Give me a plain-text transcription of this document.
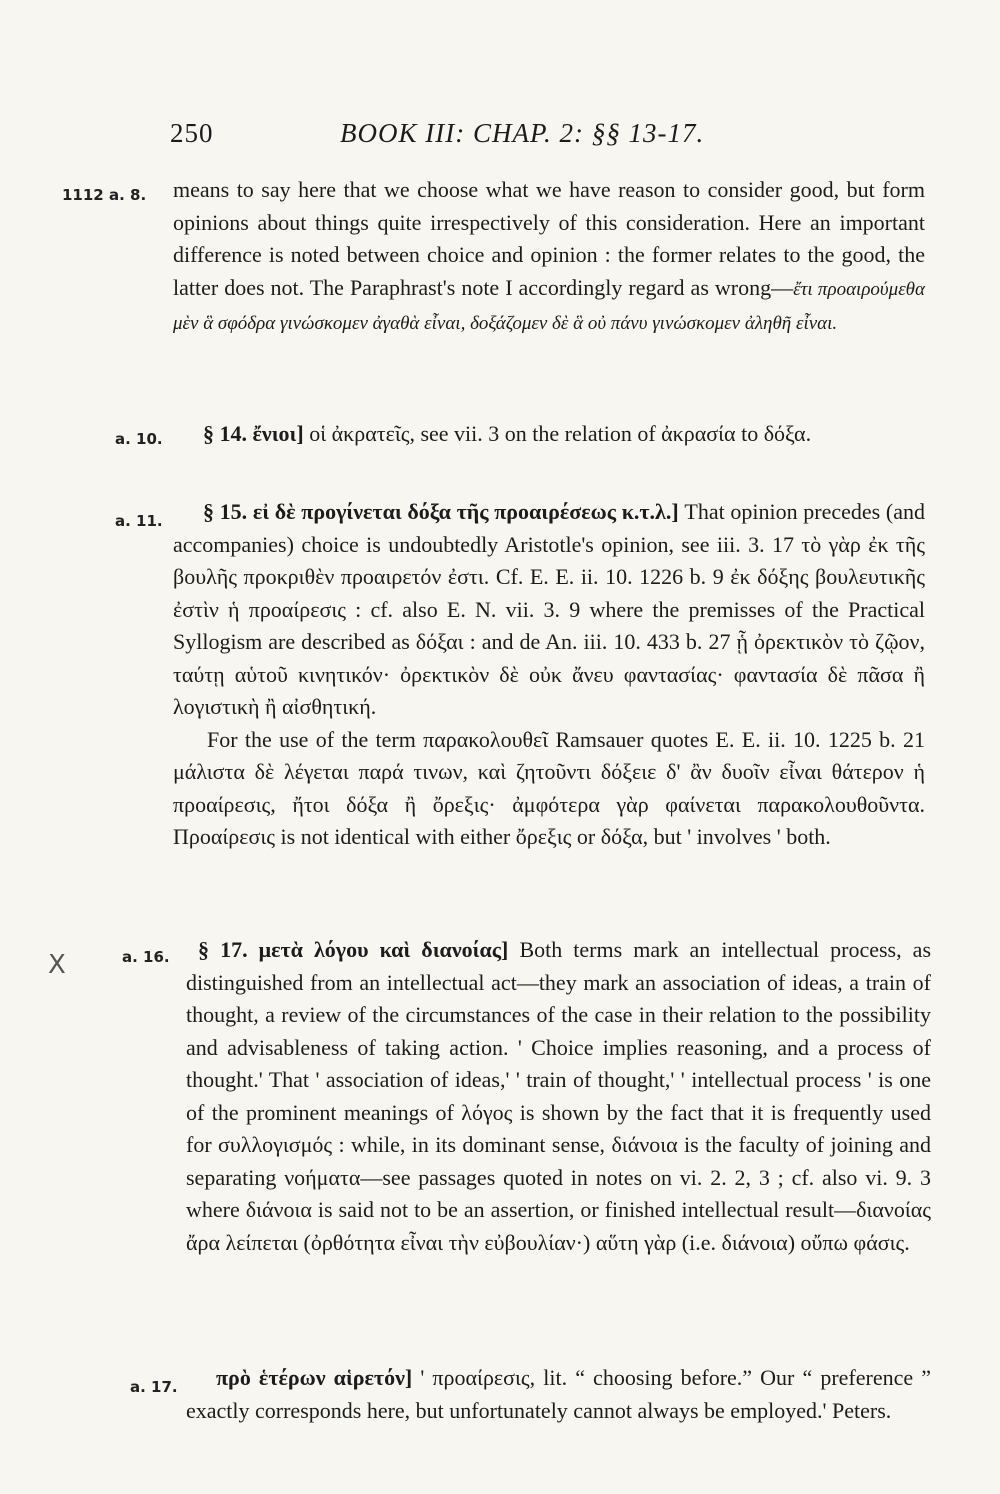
250	BOOK III: CHAP. 2: §§ 13-17.
X
1112 a. 8. means to say here that we choose what we have reason to consider good, but form opinions about things quite irrespectively of this consideration. Here an important difference is noted between choice and opinion : the former relates to the good, the latter does not. The Paraphrast's note I accordingly regard as wrong—ἔτι προαιρούμεθα μὲν ἃ σφόδρα γινώσκομεν ἀγαθὰ εἶναι, δοξάζομεν δὲ ἃ οὐ πάνυ γινώσκομεν ἀληθῆ εἶναι.
a. 10.	§ 14. ἔνιοι] οἱ ἀκρατεῖς, see vii. 3 on the relation of ἀκρασία to δόξα.
a. 11.	§ 15. εἰ δὲ προγίνεται δόξα τῆς προαιρέσεως κ.τ.λ.] That opinion precedes (and accompanies) choice is undoubtedly Aristotle's opinion, see iii. 3. 17 τὸ γὰρ ἐκ τῆς βουλῆς προκριθὲν προαιρετόν ἐστι. Cf. E. E. ii. 10. 1226 b. 9 ἐκ δόξης βουλευτικῆς ἐστὶν ἡ προαίρεσις : cf. also E. N. vii. 3. 9 where the premisses of the Practical Syllogism are described as δόξαι : and de An. iii. 10. 433 b. 27 ᾗ ὀρεκτικὸν τὸ ζῷον, ταύτῃ αὑτοῦ κινητικόν· ὀρεκτικὸν δὲ οὐκ ἄνευ φαντασίας· φαντασία δὲ πᾶσα ἢ λογιστικὴ ἢ αἰσθητική.

For the use of the term παρακολουθεῖ Ramsauer quotes E. E. ii. 10. 1225 b. 21 μάλιστα δὲ λέγεται παρά τινων, καὶ ζητοῦντι δόξειε δ' ἂν δυοῖν εἶναι θάτερον ἡ προαίρεσις, ἤτοι δόξα ἢ ὄρεξις· ἀμφότερα γὰρ φαίνεται παρακολουθοῦντα. Προαίρεσις is not identical with either ὄρεξις or δόξα, but ' involves ' both.

a. 16.	§ 17. μετὰ λόγου καὶ διανοίας] Both terms mark an intellectual process, as distinguished from an intellectual act—they mark an association of ideas, a train of thought, a review of the circumstances of the case in their relation to the possibility and advisableness of taking action. ' Choice implies reasoning, and a process of thought.' That ' association of ideas,' ' train of thought,' ' intellectual process ' is one of the prominent meanings of λόγος is shown by the fact that it is frequently used for συλλογισμός : while, in its dominant sense, διάνοια is the faculty of joining and separating νοήματα—see passages quoted in notes on vi. 2. 2, 3 ; cf. also vi. 9. 3 where διάνοια is said not to be an assertion, or finished intellectual result—διανοίας ἄρα λείπεται (ὀρθότητα εἶναι τὴν εὐβουλίαν·) αὕτη γὰρ (i.e. διάνοια) οὔπω φάσις.
a. 17.	πρὸ ἑτέρων αἱρετόν] ' προαίρεσις, lit. “ choosing before.” Our “ preference ” exactly corresponds here, but unfortunately cannot always be employed.' Peters.
